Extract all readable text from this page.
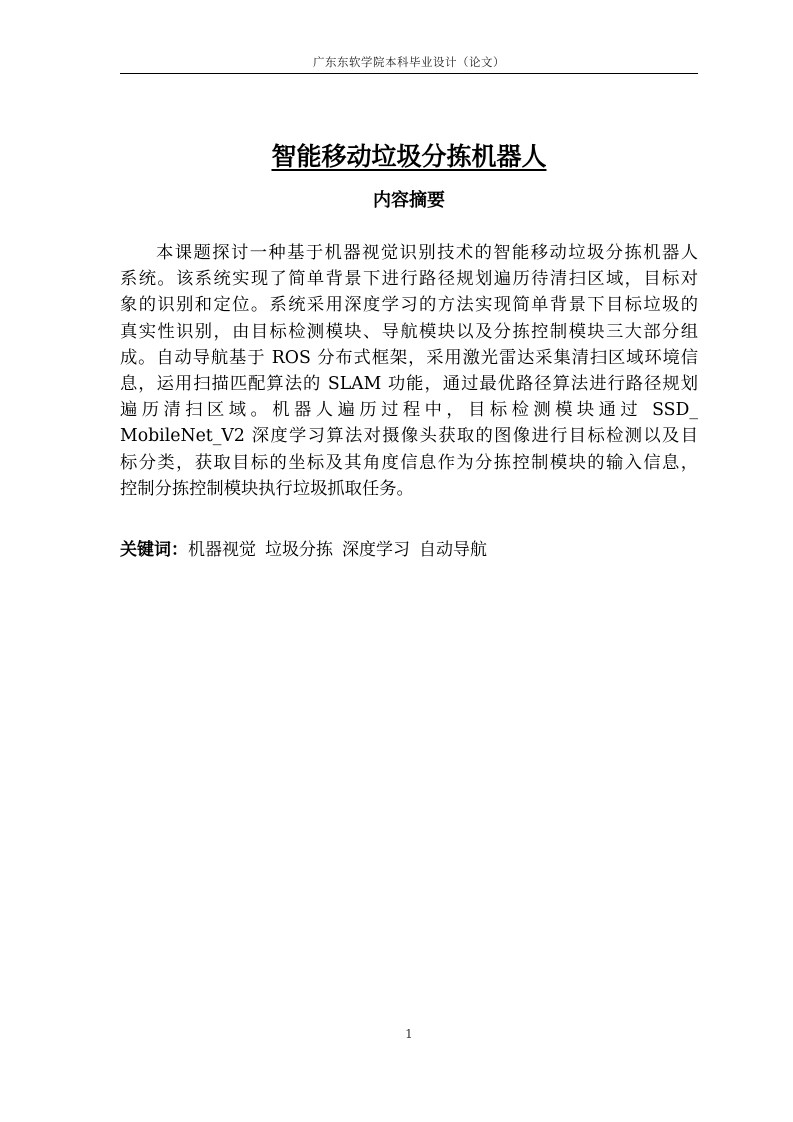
广东东软学院本科毕业设计（论文）
智能移动垃圾分拣机器人
内容摘要
本课题探讨一种基于机器视觉识别技术的智能移动垃圾分拣机器人
系统。该系统实现了简单背景下进行路径规划遍历待清扫区域，目标对
象的识别和定位。系统采用深度学习的方法实现简单背景下目标垃圾的
真实性识别，由目标检测模块、导航模块以及分拣控制模块三大部分组
成。自动导航基于 ROS 分布式框架，采用激光雷达采集清扫区域环境信
息，运用扫描匹配算法的 SLAM 功能，通过最优路径算法进行路径规划
遍历清扫区域。机器人遍历过程中，目标检测模块通过 SSD_
MobileNet_V2 深度学习算法对摄像头获取的图像进行目标检测以及目
标分类，获取目标的坐标及其角度信息作为分拣控制模块的输入信息，
控制分拣控制模块执行垃圾抓取任务。
关键词：机器视觉 垃圾分拣 深度学习 自动导航
1
